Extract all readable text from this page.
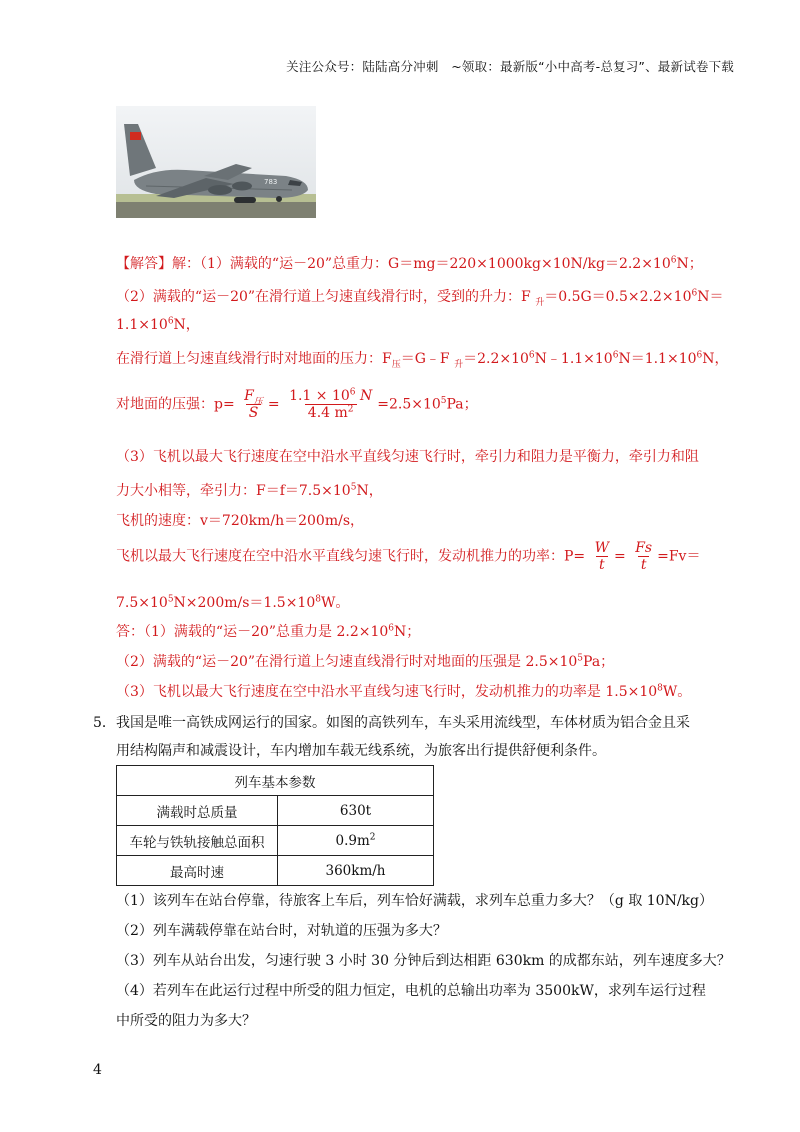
关注公众号：陆陆高分冲刺　~领取：最新版“小中高考-总复习”、最新试卷下载
783
【解答】解：（1）满载的“运－20”总重力：$G=mg=220\times 1000kg\times 10N/kg=2.2\times 10^6N$；
（2）满载的“运－20”在滑行道上匀速直线滑行时，受到的升力：F $_升=0.5G=0.5\times 2.2\times 10^6N=$
$1.1\times 10^6N$，
在滑行道上匀速直线滑行时对地面的压力：$F_压=G﹣F$ $_升=2.2\times 10^6N﹣1.1\times 10^6N=1.1\times 10^6N$，
对地面的压强：$p= \frac{F_压}{S} = \frac{1.1 \times 10^6 N}{4.4 m^2} =2.5\times 10^5Pa$；
（3）飞机以最大飞行速度在空中沿水平直线匀速飞行时，牵引力和阻力是平衡力，牵引力和阻
力大小相等，牵引力：$F=f=7.5\times 10^5N$，
飞机的速度：v＝720km/h＝200m/s，
飞机以最大飞行速度在空中沿水平直线匀速飞行时，发动机推力的功率：$P= \frac{W}{t} = \frac{Fs}{t} =Fv=$
$7.5\times 10^5N\times 200m/s=1.5\times 10^8W$。
答：（1）满载的“运－20”总重力是 $2.2\times 10^6N$；
（2）满载的“运－20”在滑行道上匀速直线滑行时对地面的压强是 $2.5\times 10^5Pa$；
（3）飞机以最大飞行速度在空中沿水平直线匀速飞行时，发动机推力的功率是 $1.5\times 10^8W$。
5． 我国是唯一高铁成网运行的国家。如图的高铁列车，车头采用流线型，车体材质为铝合金且采
用结构隔声和减震设计，车内增加车载无线系统，为旅客出行提供舒便利条件。
列车基本参数	
满载时总质量	630t
车轮与铁轨接触总面积	$0.9m^2$
最高时速	360km/h
（1）该列车在站台停靠，待旅客上车后，列车恰好满载，求列车总重力多大？（g 取 10N/kg）
（2）列车满载停靠在站台时，对轨道的压强为多大？
（3）列车从站台出发，匀速行驶 3 小时 30 分钟后到达相距 630km 的成都东站，列车速度多大？
（4）若列车在此运行过程中所受的阻力恒定，电机的总输出功率为 3500kW，求列车运行过程
中所受的阻力为多大？
4
